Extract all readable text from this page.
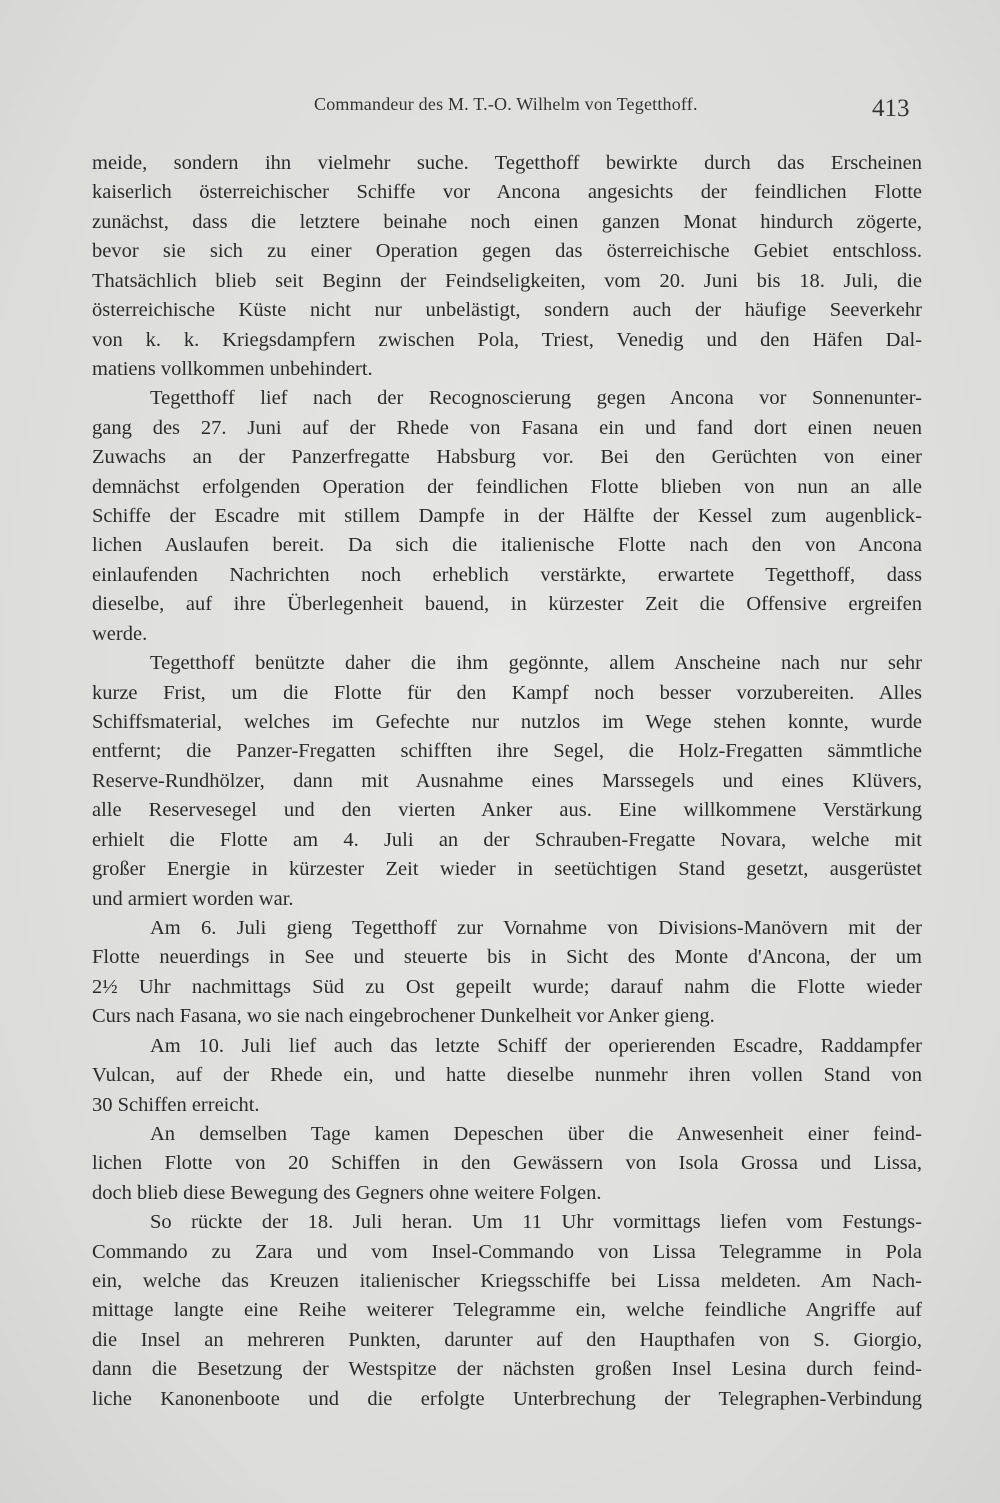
Commandeur des M. T.-O. Wilhelm von Tegetthoff.	413
meide, sondern ihn vielmehr suche. Tegetthoff bewirkte durch das Erscheinen
kaiserlich österreichischer Schiffe vor Ancona angesichts der feindlichen Flotte
zunächst, dass die letztere beinahe noch einen ganzen Monat hindurch zögerte,
bevor sie sich zu einer Operation gegen das österreichische Gebiet entschloss.
Thatsächlich blieb seit Beginn der Feindseligkeiten, vom 20. Juni bis 18. Juli, die
österreichische Küste nicht nur unbelästigt, sondern auch der häufige Seeverkehr
von k. k. Kriegsdampfern zwischen Pola, Triest, Venedig und den Häfen Dal-
matiens vollkommen unbehindert.
Tegetthoff lief nach der Recognoscierung gegen Ancona vor Sonnenunter-
gang des 27. Juni auf der Rhede von Fasana ein und fand dort einen neuen
Zuwachs an der Panzerfregatte Habsburg vor. Bei den Gerüchten von einer
demnächst erfolgenden Operation der feindlichen Flotte blieben von nun an alle
Schiffe der Escadre mit stillem Dampfe in der Hälfte der Kessel zum augenblick-
lichen Auslaufen bereit. Da sich die italienische Flotte nach den von Ancona
einlaufenden Nachrichten noch erheblich verstärkte, erwartete Tegetthoff, dass
dieselbe, auf ihre Überlegenheit bauend, in kürzester Zeit die Offensive ergreifen
werde.
Tegetthoff benützte daher die ihm gegönnte, allem Anscheine nach nur sehr
kurze Frist, um die Flotte für den Kampf noch besser vorzubereiten. Alles
Schiffsmaterial, welches im Gefechte nur nutzlos im Wege stehen konnte, wurde
entfernt; die Panzer-Fregatten schifften ihre Segel, die Holz-Fregatten sämmtliche
Reserve-Rundhölzer, dann mit Ausnahme eines Marssegels und eines Klüvers,
alle Reservesegel und den vierten Anker aus. Eine willkommene Verstärkung
erhielt die Flotte am 4. Juli an der Schrauben-Fregatte Novara, welche mit
großer Energie in kürzester Zeit wieder in seetüchtigen Stand gesetzt, ausgerüstet
und armiert worden war.
Am 6. Juli gieng Tegetthoff zur Vornahme von Divisions-Manövern mit der
Flotte neuerdings in See und steuerte bis in Sicht des Monte d'Ancona, der um
2½ Uhr nachmittags Süd zu Ost gepeilt wurde; darauf nahm die Flotte wieder
Curs nach Fasana, wo sie nach eingebrochener Dunkelheit vor Anker gieng.
Am 10. Juli lief auch das letzte Schiff der operierenden Escadre, Raddampfer
Vulcan, auf der Rhede ein, und hatte dieselbe nunmehr ihren vollen Stand von
30 Schiffen erreicht.
An demselben Tage kamen Depeschen über die Anwesenheit einer feind-
lichen Flotte von 20 Schiffen in den Gewässern von Isola Grossa und Lissa,
doch blieb diese Bewegung des Gegners ohne weitere Folgen.
So rückte der 18. Juli heran. Um 11 Uhr vormittags liefen vom Festungs-
Commando zu Zara und vom Insel-Commando von Lissa Telegramme in Pola
ein, welche das Kreuzen italienischer Kriegsschiffe bei Lissa meldeten. Am Nach-
mittage langte eine Reihe weiterer Telegramme ein, welche feindliche Angriffe auf
die Insel an mehreren Punkten, darunter auf den Haupthafen von S. Giorgio,
dann die Besetzung der Westspitze der nächsten großen Insel Lesina durch feind-
liche Kanonenboote und die erfolgte Unterbrechung der Telegraphen-Verbindung
